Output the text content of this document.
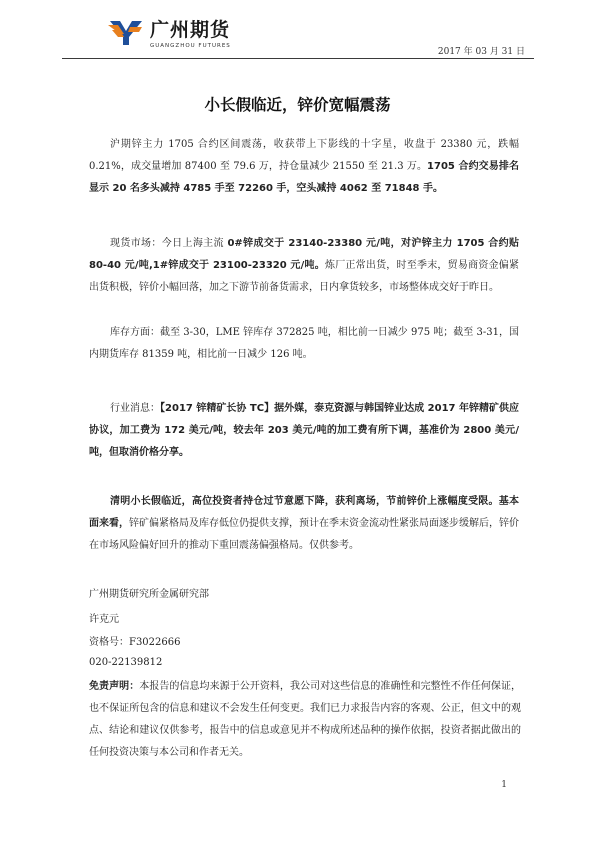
广州期货
GUANGZHOU FUTURES
2017 年 03 月 31 日
小长假临近，锌价宽幅震荡

沪期锌主力 1705 合约区间震荡，收获带上下影线的十字星，收盘于 23380 元，跌幅 0.21%，成交量增加 87400 至 79.6 万，持仓量减少 21550 至 21.3 万。1705 合约交易排名显示 20 名多头减持 4785 手至 72260 手，空头减持 4062 至 71848 手。

现货市场：今日上海主流 0#锌成交于 23140-23380 元/吨，对沪锌主力 1705 合约贴 80-40 元/吨,1#锌成交于 23100-23320 元/吨。炼厂正常出货，时至季末，贸易商资金偏紧出货积极，锌价小幅回落，加之下游节前备货需求，日内拿货较多，市场整体成交好于昨日。

库存方面：截至 3-30，LME 锌库存 372825 吨，相比前一日减少 975 吨；截至 3-31，国内期货库存 81359 吨，相比前一日减少 126 吨。

行业消息：【2017 锌精矿长协 TC】据外媒，泰克资源与韩国锌业达成 2017 年锌精矿供应协议，加工费为 172 美元/吨，较去年 203 美元/吨的加工费有所下调，基准价为 2800 美元/吨，但取消价格分享。

清明小长假临近，高位投资者持仓过节意愿下降，获利离场，节前锌价上涨幅度受限。基本面来看，锌矿偏紧格局及库存低位仍提供支撑，预计在季末资金流动性紧张局面逐步缓解后，锌价在市场风险偏好回升的推动下重回震荡偏强格局。仅供参考。

广州期货研究所金属研究部
许克元
资格号：F3022666
020-22139812

免责声明：本报告的信息均来源于公开资料，我公司对这些信息的准确性和完整性不作任何保证，也不保证所包含的信息和建议不会发生任何变更。我们已力求报告内容的客观、公正，但文中的观点、结论和建议仅供参考，报告中的信息或意见并不构成所述品种的操作依据，投资者据此做出的任何投资决策与本公司和作者无关。

1
